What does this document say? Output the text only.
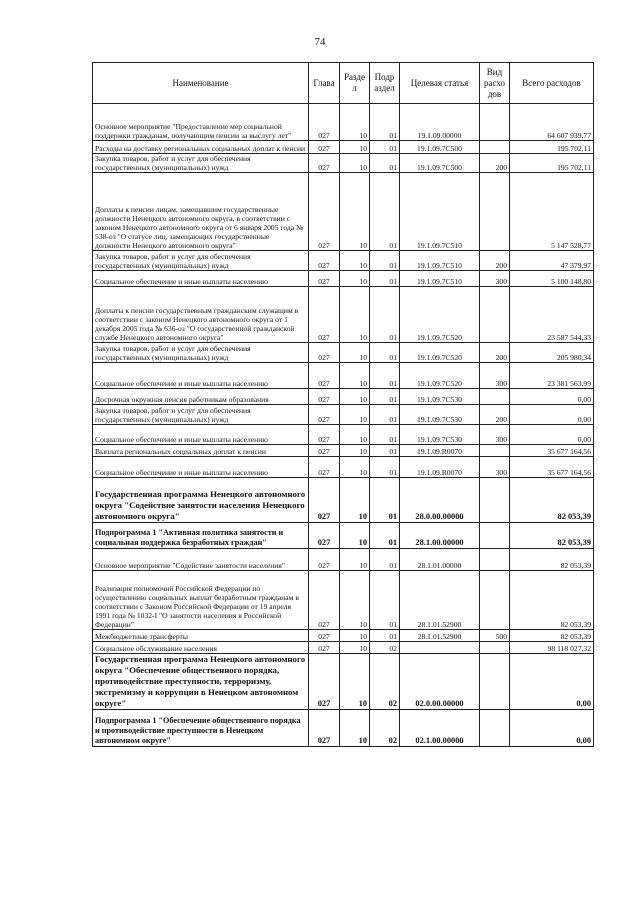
74
Наименование	Глава	Разде л	Подр аздел	Целевая статья	Вид расхо дов	Всего расходов
Основное мероприятие "Предоставление мер социальной поддержки гражданам, получающим пенсии за выслугу лет"	027	10	01	19.1.09.00000		64 607 939,77
Расходы на доставку региональных социальных доплат к пенсии	027	10	01	19.1.09.7С500		195 702,11
Закупка товаров, работ и услуг для обеспечения государственных (муниципальных) нужд	027	10	01	19.1.09.7С500	200	195 702,11
Доплаты к пенсии лицам, замещавшим государственные должности Ненецкого автономного округа, в соответствии с законом Ненецкого автономного округа от 6 января 2005 года № 538-оз "О статусе лиц, замещающих государственные должности Ненецкого автономного округа"	027	10	01	19.1.09.7С510		5 147 528,77
Закупка товаров, работ и услуг для обеспечения государственных (муниципальных) нужд	027	10	01	19.1.09.7С510	200	47 379,97
Социальное обеспечение и иные выплаты населению	027	10	01	19.1.09.7С510	300	5 100 148,80
Доплаты к пенсии государственным гражданским служащим в соответствии с законом Ненецкого автономного округа от 1 декабря 2005 года № 636-оз "О государственной гражданской службе Ненецкого автономного округа"	027	10	01	19.1.09.7С520		23 587 544,33
Закупка товаров, работ и услуг для обеспечения государственных (муниципальных) нужд	027	10	01	19.1.09.7С520	200	205 980,34
Социальное обеспечение и иные выплаты населению	027	10	01	19.1.09.7С520	300	23 381 563,99
Досрочная окружная пенсия работникам образования	027	10	01	19.1.09.7С530		0,00
Закупка товаров, работ и услуг для обеспечения государственных (муниципальных) нужд	027	10	01	19.1.09.7С530	200	0,00
Социальное обеспечение и иные выплаты населению	027	10	01	19.1.09.7С530	300	0,00
Выплата региональных социальных доплат к пенсии	027	10	01	19.1.09.R0070		35 677 164,56
Социальное обеспечение и иные выплаты населению	027	10	01	19.1.09.R0070	300	35 677 164,56
Государственная программа Ненецкого автономного округа "Содействие занятости населения Ненецкого автономного округа"	027	10	01	28.0.00.00000		82 053,39
Подпрограмма 1 "Активная политика занятости и социальная поддержка безработных граждан"	027	10	01	28.1.00.00000		82 053,39
Основное мероприятие "Содействие занятости населения"	027	10	01	28.1.01.00000		82 053,39
Реализация полномочий Российской Федерации по осуществлению социальных выплат безработным гражданам в соответствии с Законом Российской Федерации от 19 апреля 1991 года № 1032-I "О занятости населения в Российской Федерации"	027	10	01	28.1.01.52900		82 053,39
Межбюджетные трансферты	027	10	01	28.1.01.52900	500	82 053,39
Социальное обслуживание населения	027	10	02			98 118 027,32
Государственная программа Ненецкого автономного округа "Обеспечение общественного порядка, противодействие преступности, терроризму, экстремизму и коррупции в Ненецком автономном округе"	027	10	02	02.0.00.00000		0,00
Подпрограмма 1 "Обеспечение общественного порядка и противодействие преступности в Ненецком автономном округе"	027	10	02	02.1.00.00000		0,00
